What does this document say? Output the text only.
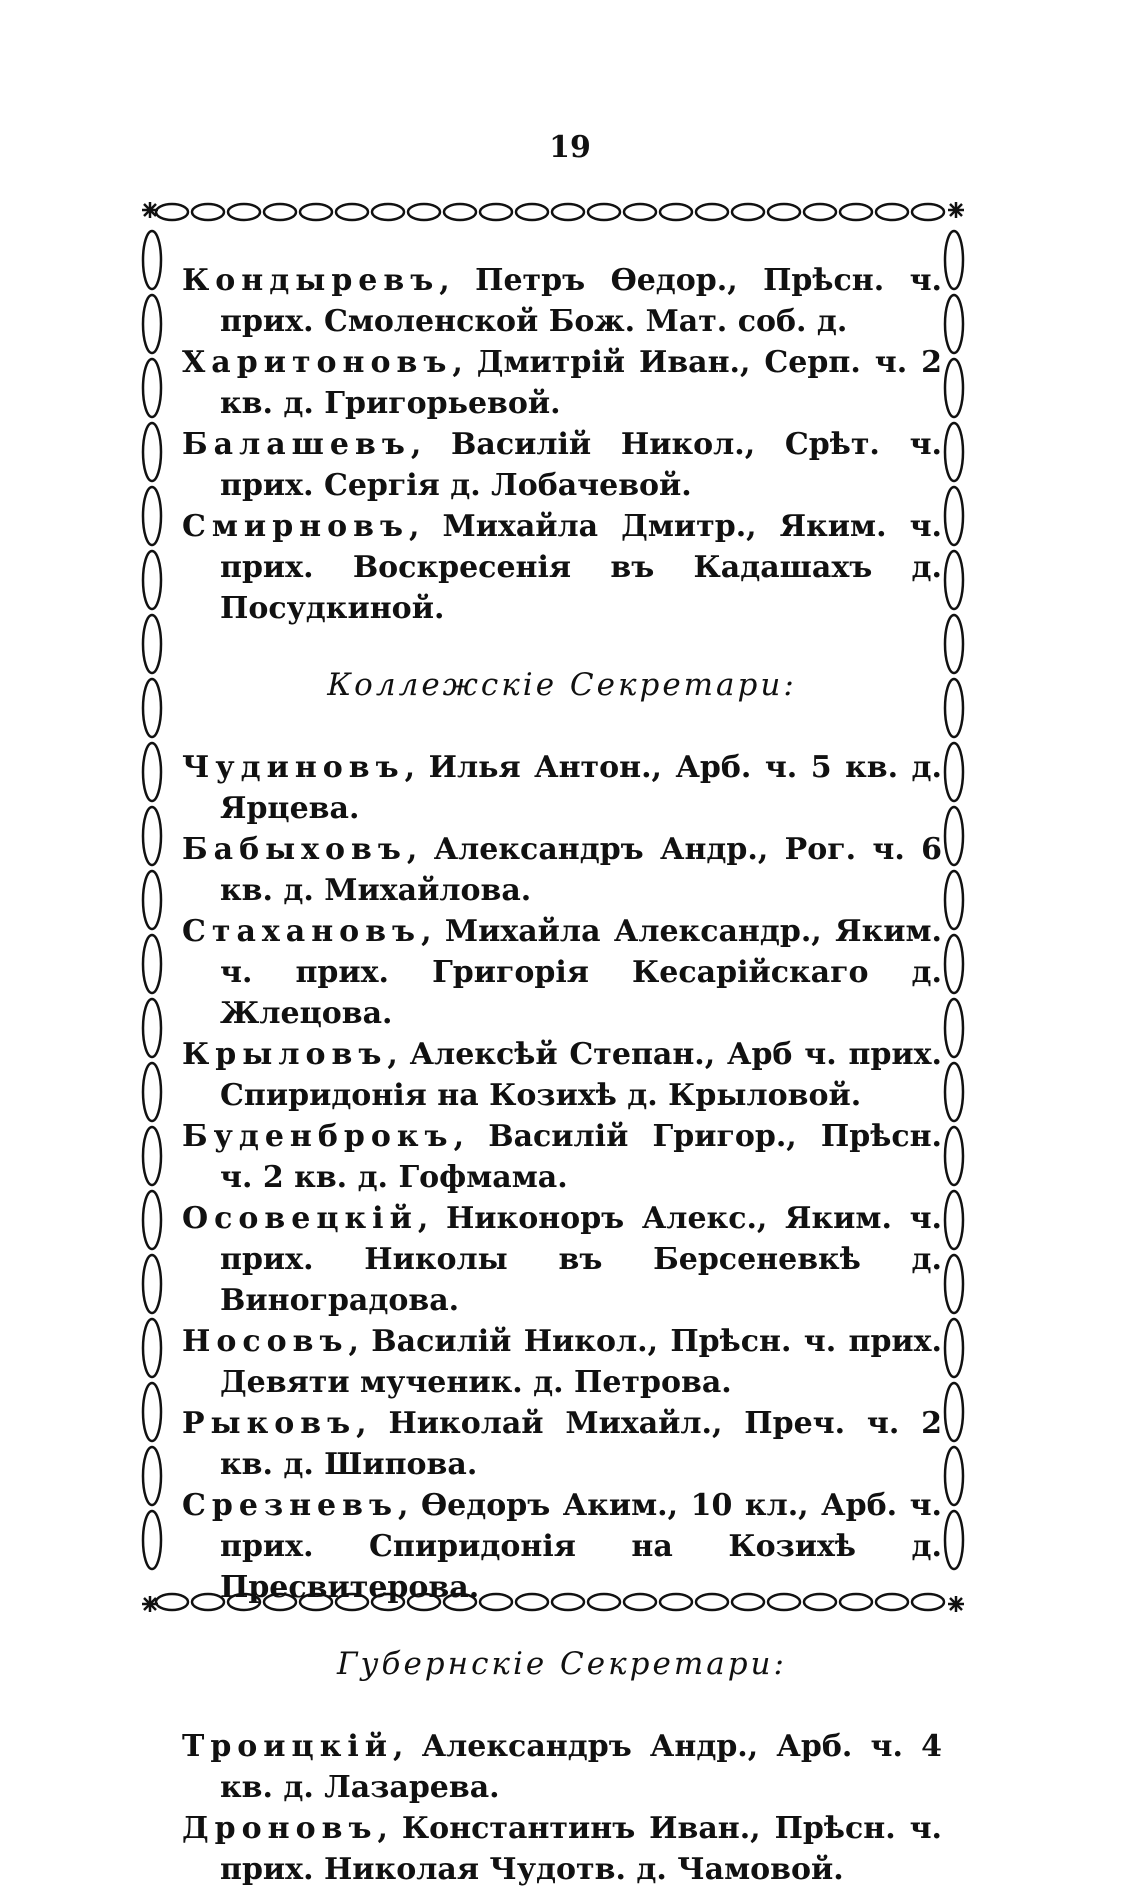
19

Кондыревъ, Петръ Өедор., Прѣсн. ч. прих. Смоленской Бож. Мат. соб. д.

Харитоновъ, Дмитрій Иван., Серп. ч. 2 кв. д. Григорьевой.

Балашевъ, Василій Никол., Срѣт. ч. прих. Сергія д. Лобачевой.

Смирновъ, Михайла Дмитр., Яким. ч. прих. Воскресенія въ Кадашахъ д. Посудкиной.

Коллежскіе Секретари:

Чудиновъ, Илья Антон., Арб. ч. 5 кв. д. Ярцева.

Бабыховъ, Александръ Андр., Рог. ч. 6 кв. д. Михайлова.

Стахановъ, Михайла Александр., Яким. ч. прих. Григорія Кесарійскаго д. Жлецова.

Крыловъ, Алексѣй Степан., Арб ч. прих. Спиридонія на Козихѣ д. Крыловой.

Буденброкъ, Василій Григор., Прѣсн. ч. 2 кв. д. Гофмама.

Осовецкій, Никоноръ Алекс., Яким. ч. прих. Николы въ Берсеневкѣ д. Виноградова.

Носовъ, Василій Никол., Прѣсн. ч. прих. Девяти мученик. д. Петрова.

Рыковъ, Николай Михайл., Преч. ч. 2 кв. д. Шипова.

Срезневъ, Өедоръ Аким., 10 кл., Арб. ч. прих. Спиридонія на Козихѣ д. Пресвитерова.

Губернскіе Секретари:

Троицкій, Александръ Андр., Арб. ч. 4 кв. д. Лазарева.

Дроновъ, Константинъ Иван., Прѣсн. ч. прих. Николая Чудотв. д. Чамовой.
